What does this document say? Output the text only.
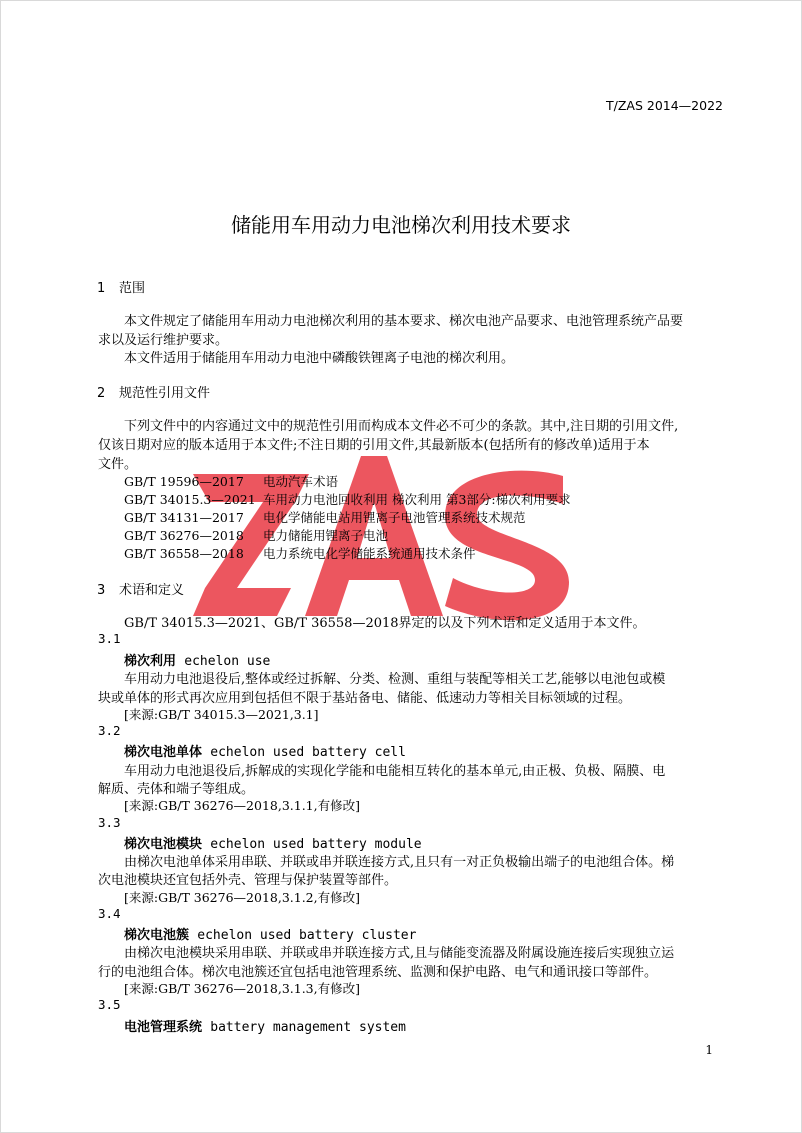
T/ZAS 2014—2022
储能用车用动力电池梯次利用技术要求
1 范围
本文件规定了储能用车用动力电池梯次利用的基本要求、梯次电池产品要求、电池管理系统产品要
求以及运行维护要求。
本文件适用于储能用车用动力电池中磷酸铁锂离子电池的梯次利用。
2 规范性引用文件
下列文件中的内容通过文中的规范性引用而构成本文件必不可少的条款。其中,注日期的引用文件,
仅该日期对应的版本适用于本文件;不注日期的引用文件,其最新版本(包括所有的修改单)适用于本
文件。
GB/T 19596—2017 电动汽车术语
GB/T 34015.3—2021 车用动力电池回收利用 梯次利用 第3部分:梯次利用要求
GB/T 34131—2017 电化学储能电站用锂离子电池管理系统技术规范
GB/T 36276—2018 电力储能用锂离子电池
GB/T 36558—2018 电力系统电化学储能系统通用技术条件
3 术语和定义
GB/T 34015.3—2021、GB/T 36558—2018界定的以及下列术语和定义适用于本文件。
3.1
梯次利用 echelon use
车用动力电池退役后,整体或经过拆解、分类、检测、重组与装配等相关工艺,能够以电池包或模
块或单体的形式再次应用到包括但不限于基站备电、储能、低速动力等相关目标领域的过程。
[来源:GB/T 34015.3—2021,3.1]
3.2
梯次电池单体 echelon used battery cell
车用动力电池退役后,拆解成的实现化学能和电能相互转化的基本单元,由正极、负极、隔膜、电
解质、壳体和端子等组成。
[来源:GB/T 36276—2018,3.1.1,有修改]
3.3
梯次电池模块 echelon used battery module
由梯次电池单体采用串联、并联或串并联连接方式,且只有一对正负极输出端子的电池组合体。梯
次电池模块还宜包括外壳、管理与保护装置等部件。
[来源:GB/T 36276—2018,3.1.2,有修改]
3.4
梯次电池簇 echelon used battery cluster
由梯次电池模块采用串联、并联或串并联连接方式,且与储能变流器及附属设施连接后实现独立运
行的电池组合体。梯次电池簇还宜包括电池管理系统、监测和保护电路、电气和通讯接口等部件。
[来源:GB/T 36276—2018,3.1.3,有修改]
3.5
电池管理系统 battery management system
1
